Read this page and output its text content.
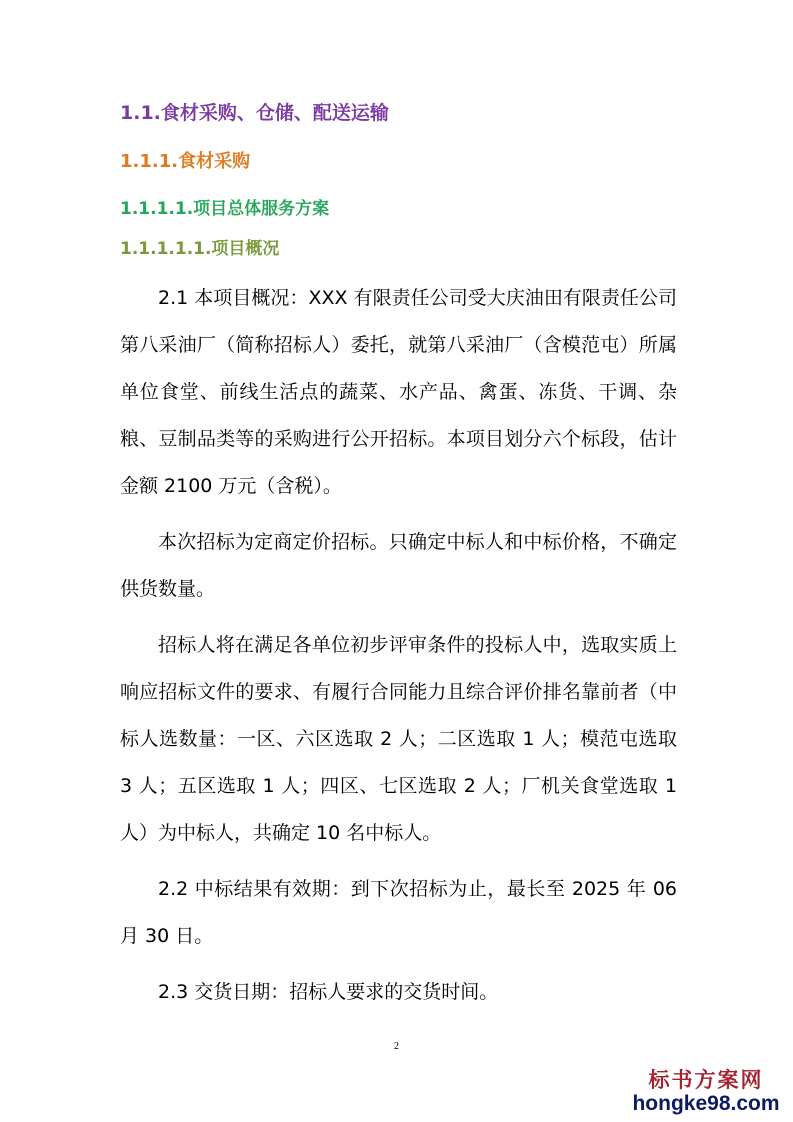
1.1.食材采购、仓储、配送运输
1.1.1.食材采购
1.1.1.1.项目总体服务方案
1.1.1.1.1.项目概况

2.1 本项目概况：XXX 有限责任公司受大庆油田有限责任公司第八采油厂（简称招标人）委托，就第八采油厂（含模范屯）所属单位食堂、前线生活点的蔬菜、水产品、禽蛋、冻货、干调、杂粮、豆制品类等的采购进行公开招标。本项目划分六个标段，估计金额 2100 万元（含税）。

本次招标为定商定价招标。只确定中标人和中标价格，不确定供货数量。

招标人将在满足各单位初步评审条件的投标人中，选取实质上响应招标文件的要求、有履行合同能力且综合评价排名靠前者（中标人选数量：一区、六区选取 2 人；二区选取 1 人；模范屯选取 3 人；五区选取 1 人；四区、七区选取 2 人；厂机关食堂选取 1 人）为中标人，共确定 10 名中标人。

2.2 中标结果有效期：到下次招标为止，最长至 2025 年 06 月 30 日。

2.3 交货日期：招标人要求的交货时间。

2
标书方案网
hongke98.com
